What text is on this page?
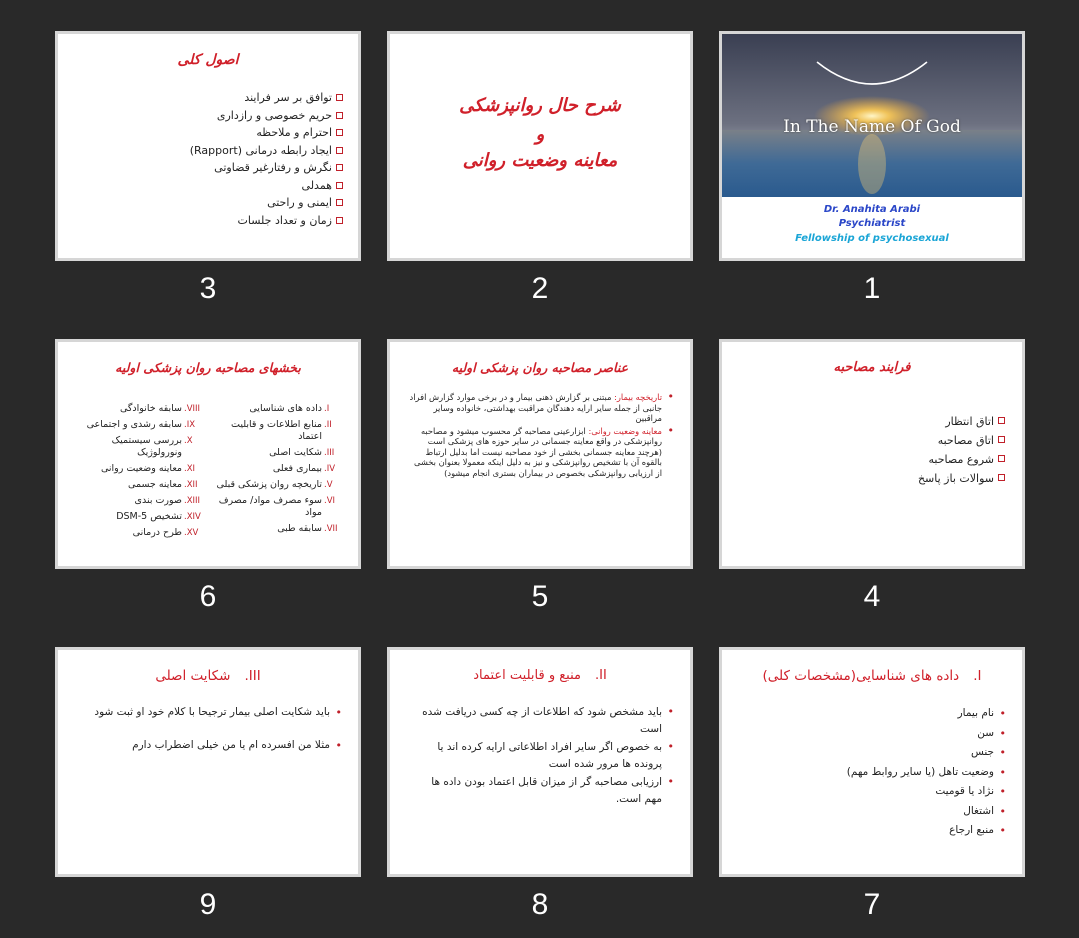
In The Name Of God
Dr. Anahita Arabi
Psychiatrist
Fellowship of psychosexual
1
شرح حال روانپزشکی
و
معاینه وضعیت روانی
2
اصول کلی
توافق بر سر فرایند
حریم خصوصی و رازداری
احترام و ملاحظه
ایجاد رابطه درمانی (Rapport)
نگرش و رفتارغیر قضاوتی
همدلی
ایمنی و راحتی
زمان و تعداد جلسات
3
فرایند مصاحبه
اتاق انتظار
اتاق مصاحبه
شروع مصاحبه
سوالات باز پاسخ
4
عناصر مصاحبه روان پزشکی اولیه
• تاریخچه بیمار: مبتنی بر گزارش ذهنی بیمار و در برخی موارد گزارش افراد جانبی از جمله سایر ارایه دهندگان مراقبت بهداشتی، خانواده وسایر مراقبین
• معاینه وضعیت روانی: ابزارعینی مصاحبه گر محسوب میشود و مصاحبه روانپزشکی در واقع معاینه جسمانی در سایر حوزه های پزشکی است (هرچند معاینه جسمانی بخشی از خود مصاحبه نیست اما بدلیل ارتباط بالقوه آن با تشخیص روانپزشکی و نیز به دلیل اینکه معمولا بعنوان بخشی از ارزیابی روانپزشکی بخصوص در بیماران بستری انجام میشود)
5
بخشهای مصاحبه روان پزشکی اولیه
I.
داده های شناسایی
II.
منابع اطلاعات و قابلیت اعتماد
III.
شکایت اصلی
IV.
بیماری فعلی
V.
تاریخچه روان پزشکی قبلی
VI.
سوء مصرف مواد/ مصرف مواد
VII.
سابقه طبی
VIII.
سابقه خانوادگی
IX.
سابقه رشدی و اجتماعی
X.
بررسی سیستمیک ونورولوژیک
XI.
معاینه وضعیت روانی
XII.
معاینه جسمی
XIII.
صورت بندی
XIV.
تشخیص DSM-5
XV.
طرح درمانی
6
I.داده های شناسایی(مشخصات کلی)
• نام بیمار
• سن
• جنس
• وضعیت تاهل (یا سایر روابط مهم)
• نژاد یا قومیت
• اشتغال
• منبع ارجاع
7
II.منبع و قابلیت اعتماد
• باید مشخص شود که اطلاعات از چه کسی دریافت شده است
• به خصوص اگر سایر افراد اطلاعاتی ارایه کرده اند یا پرونده ها مرور شده است
• ارزیابی مصاحبه گر از میزان قابل اعتماد بودن داده ها مهم است.
8
III.شکایت اصلی
• باید شکایت اصلی بیمار ترجیحا با کلام خود او ثبت شود
• مثلا من افسرده ام یا من خیلی اضطراب دارم
9
